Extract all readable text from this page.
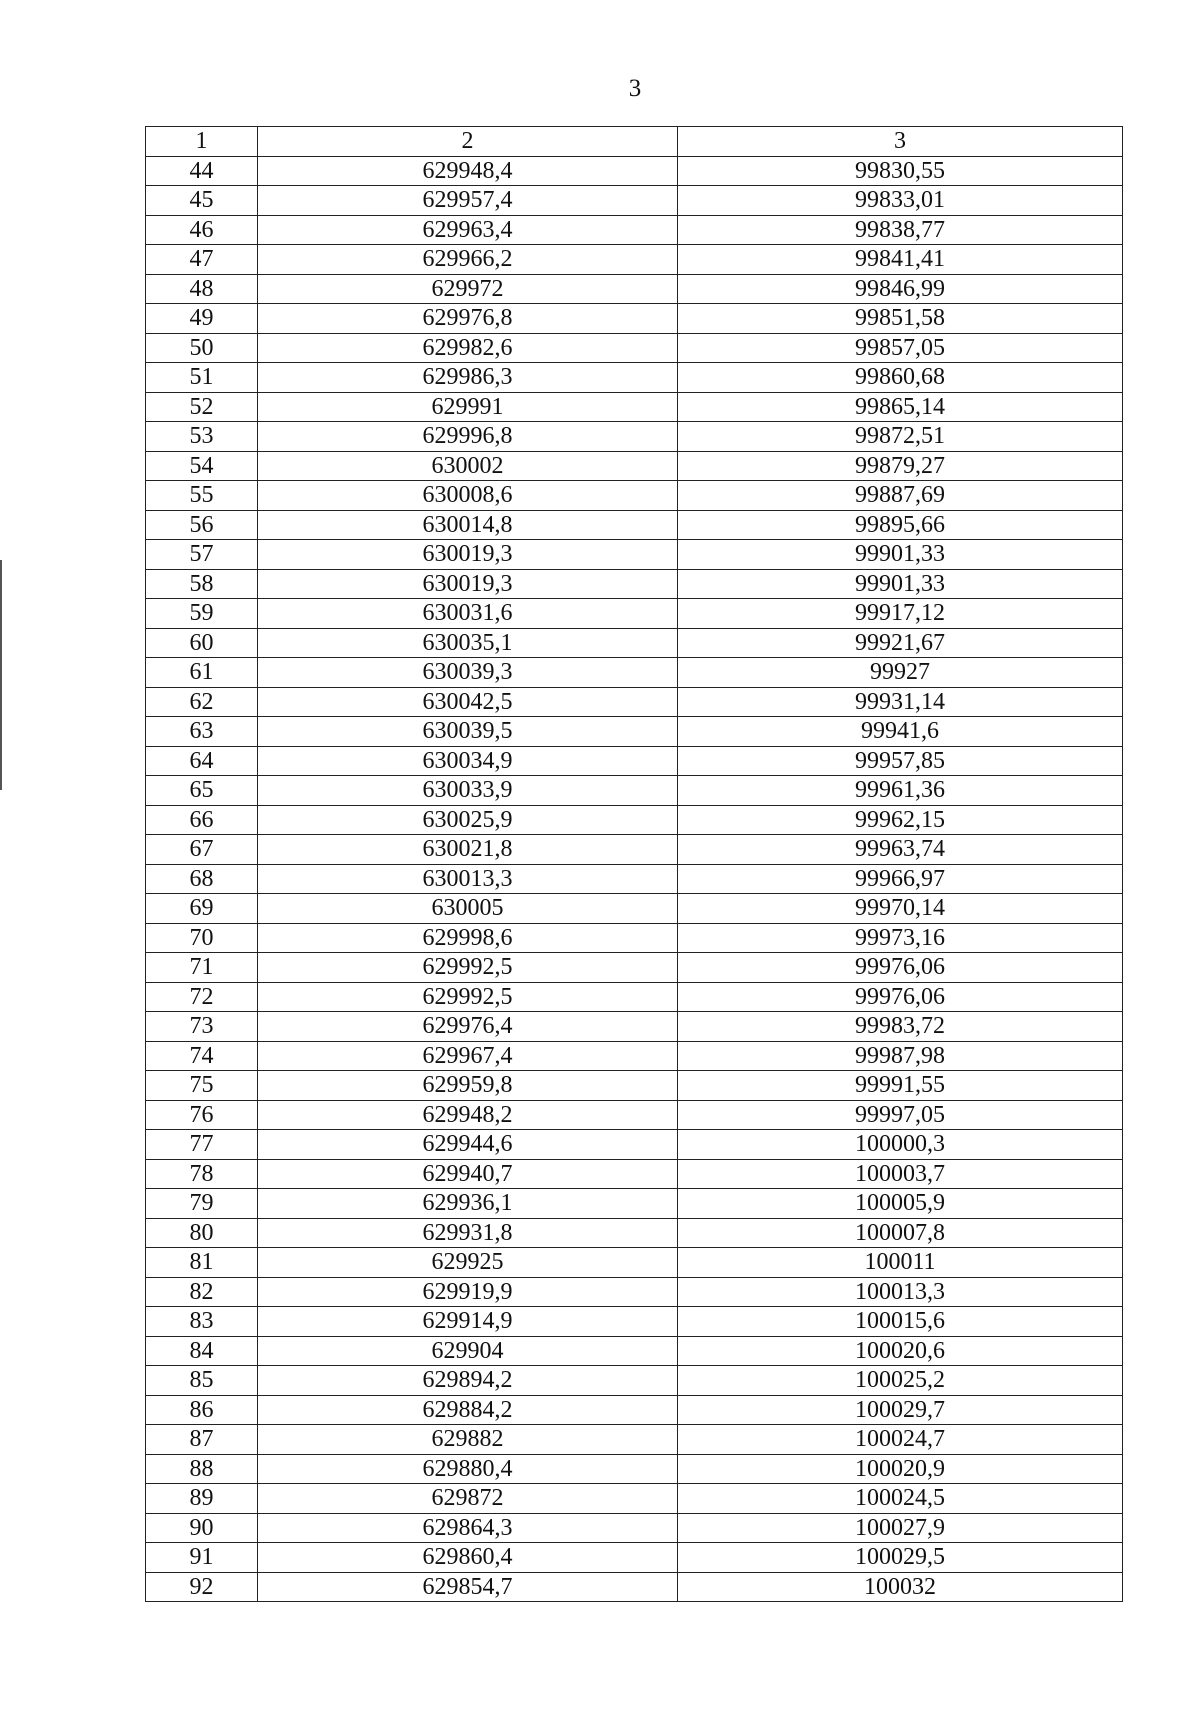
3
1	2	3
44	629948,4	99830,55
45	629957,4	99833,01
46	629963,4	99838,77
47	629966,2	99841,41
48	629972	99846,99
49	629976,8	99851,58
50	629982,6	99857,05
51	629986,3	99860,68
52	629991	99865,14
53	629996,8	99872,51
54	630002	99879,27
55	630008,6	99887,69
56	630014,8	99895,66
57	630019,3	99901,33
58	630019,3	99901,33
59	630031,6	99917,12
60	630035,1	99921,67
61	630039,3	99927
62	630042,5	99931,14
63	630039,5	99941,6
64	630034,9	99957,85
65	630033,9	99961,36
66	630025,9	99962,15
67	630021,8	99963,74
68	630013,3	99966,97
69	630005	99970,14
70	629998,6	99973,16
71	629992,5	99976,06
72	629992,5	99976,06
73	629976,4	99983,72
74	629967,4	99987,98
75	629959,8	99991,55
76	629948,2	99997,05
77	629944,6	100000,3
78	629940,7	100003,7
79	629936,1	100005,9
80	629931,8	100007,8
81	629925	100011
82	629919,9	100013,3
83	629914,9	100015,6
84	629904	100020,6
85	629894,2	100025,2
86	629884,2	100029,7
87	629882	100024,7
88	629880,4	100020,9
89	629872	100024,5
90	629864,3	100027,9
91	629860,4	100029,5
92	629854,7	100032
